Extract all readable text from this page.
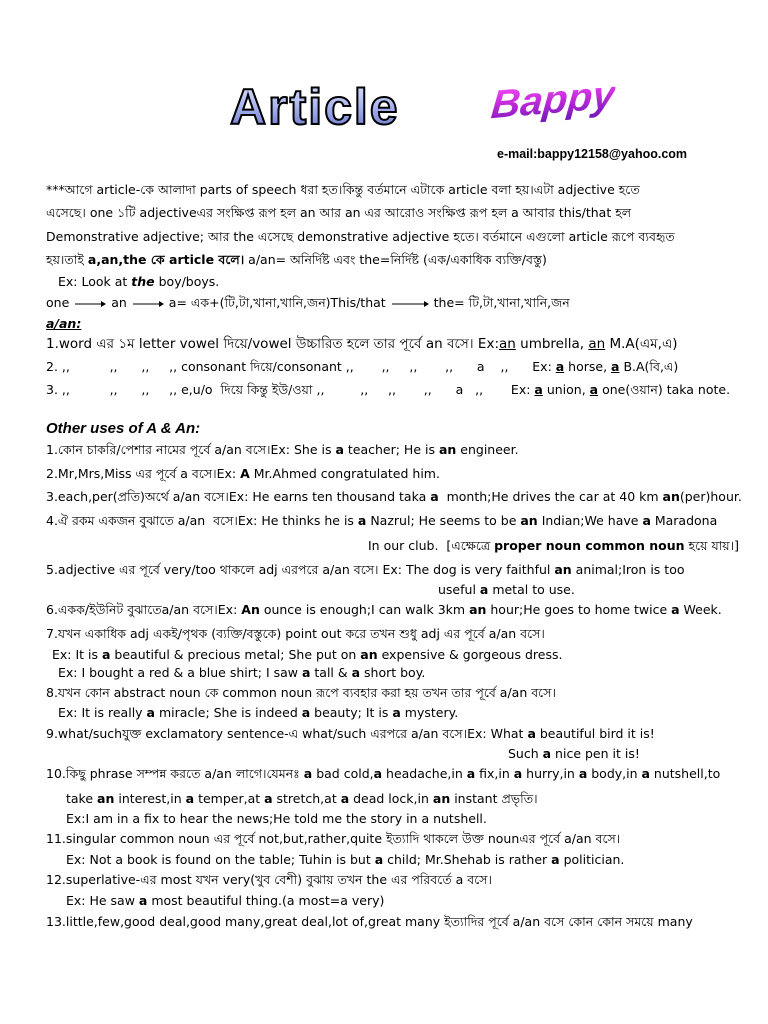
Article Bappy
e-mail:bappy12158@yahoo.com
***আগে article-কে আলাদা parts of speech ধরা হত।কিন্তু বর্তমানে এটাকে article বলা হয়।এটা adjective হতে
এসেছে। one ১টি adjectiveএর সংক্ষিপ্ত রূপ হল an আর an এর আরোও সংক্ষিপ্ত রূপ হল a আবার this/that হল
Demonstrative adjective; আর the এসেছে demonstrative adjective হতে। বর্তমানে এগুলো article রূপে ব্যবহৃত
হয়।তাই a,an,the কে article বলে। a/an= অনির্দিষ্ট এবং the=নির্দিষ্ট (এক/একাধিক ব্যক্তি/বস্তু)
Ex: Look at the boy/boys.
one	an	a= এক+(টি,টা,খানা,খানি,জন)This/that	the= টি,টা,খানা,খানি,জন
a/an:
1.word এর ১ম letter vowel দিয়ে/vowel উচ্চারিত হলে তার পূর্বে an বসে। Ex:an umbrella, an M.A(এম,এ)
2. ,,          ,,      ,,     ,, consonant দিয়ে/consonant ,,       ,,     ,,       ,,      a    ,,      Ex: a horse, a B.A(বি,এ)
3. ,,          ,,      ,,     ,, e,u/o  দিয়ে কিন্তু ইউ/ওয়া ,,         ,,     ,,       ,,      a   ,,       Ex: a union, a one(ওয়ান) taka note.
Other uses of A & An:
1.কোন চাকরি/পেশার নামের পূর্বে a/an বসে।Ex: She is a teacher; He is an engineer.
2.Mr,Mrs,Miss এর পূর্বে a বসে।Ex: A Mr.Ahmed congratulated him.
3.each,per(প্রতি)অর্থে a/an বসে।Ex: He earns ten thousand taka a  month;He drives the car at 40 km an(per)hour.
4.ঐ রকম একজন বুঝাতে a/an  বসে।Ex: He thinks he is a Nazrul; He seems to be an Indian;We have a Maradona
In our club.  [এক্ষেত্রে proper noun common noun হয়ে যায়।]
5.adjective এর পূর্বে very/too থাকলে adj এরপরে a/an বসে। Ex: The dog is very faithful an animal;Iron is too
useful a metal to use.
6.একক/ইউনিট বুঝাতেa/an বসে।Ex: An ounce is enough;I can walk 3km an hour;He goes to home twice a Week.
7.যখন একাধিক adj একই/পৃথক (ব্যক্তি/বস্তুকে) point out করে তখন শুধু adj এর পূর্বে a/an বসে।
Ex: It is a beautiful & precious metal; She put on an expensive & gorgeous dress.
Ex: I bought a red & a blue shirt; I saw a tall & a short boy.
8.যখন কোন abstract noun কে common noun রূপে ব্যবহার করা হয় তখন তার পূর্বে a/an বসে।
Ex: It is really a miracle; She is indeed a beauty; It is a mystery.
9.what/suchযুক্ত exclamatory sentence-এ what/such এরপরে a/an বসে।Ex: What a beautiful bird it is!
Such a nice pen it is!
10.কিছু phrase সম্পন্ন করতে a/an লাগে।যেমনঃ a bad cold,a headache,in a fix,in a hurry,in a body,in a nutshell,to
take an interest,in a temper,at a stretch,at a dead lock,in an instant প্রভৃতি।
Ex:I am in a fix to hear the news;He told me the story in a nutshell.
11.singular common noun এর পূর্বে not,but,rather,quite ইত্যাদি থাকলে উক্ত nounএর পূর্বে a/an বসে।
Ex: Not a book is found on the table; Tuhin is but a child; Mr.Shehab is rather a politician.
12.superlative-এর most যখন very(খুব বেশী) বুঝায় তখন the এর পরিবর্তে a বসে।
Ex: He saw a most beautiful thing.(a most=a very)
13.little,few,good deal,good many,great deal,lot of,great many ইত্যাদির পূর্বে a/an বসে কোন কোন সময়ে many
